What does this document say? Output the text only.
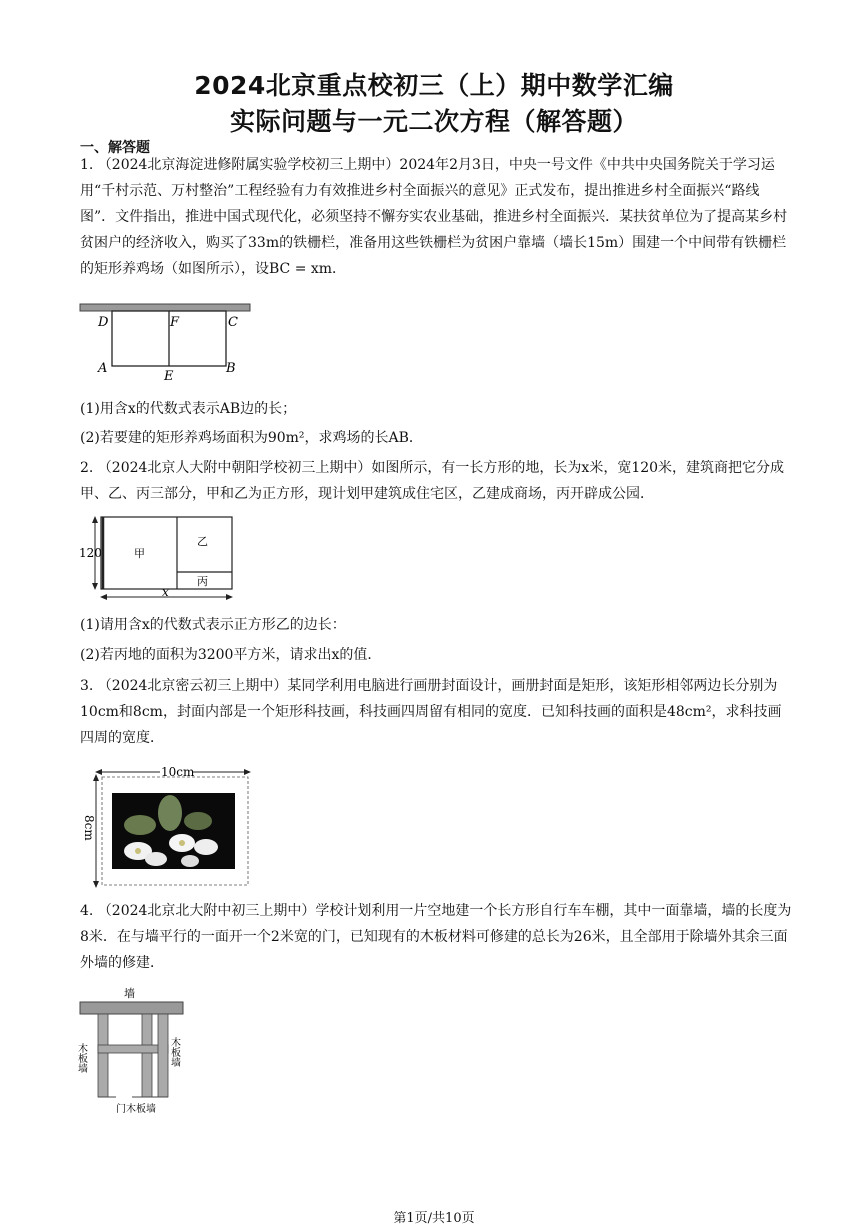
2024北京重点校初三（上）期中数学汇编
实际问题与一元二次方程（解答题）
一、解答题
1. （2024北京海淀进修附属实验学校初三上期中）2024年2月3日，中央一号文件《中共中央国务院关于学习运用“千村示范、万村整治”工程经验有力有效推进乡村全面振兴的意见》正式发布，提出推进乡村全面振兴“路线图”．文件指出，推进中国式现代化，必须坚持不懈夯实农业基础，推进乡村全面振兴．某扶贫单位为了提高某乡村贫困户的经济收入，购买了33m的铁栅栏，准备用这些铁栅栏为贫困户靠墙（墙长15m）围建一个中间带有铁栅栏的矩形养鸡场（如图所示），设BC = xm．
D	F	C
A
E
B
(1)用含x的代数式表示AB边的长；
(2)若要建的矩形养鸡场面积为90m²，求鸡场的长AB．
2. （2024北京人大附中朝阳学校初三上期中）如图所示，有一长方形的地，长为x米，宽120米，建筑商把它分成甲、乙、丙三部分，甲和乙为正方形，现计划甲建筑成住宅区，乙建成商场，丙开辟成公园．
120	甲
乙
丙
x
(1)请用含x的代数式表示正方形乙的边长：
(2)若丙地的面积为3200平方米，请求出x的值．
3. （2024北京密云初三上期中）某同学利用电脑进行画册封面设计，画册封面是矩形，该矩形相邻两边长分别为10cm和8cm，封面内部是一个矩形科技画，科技画四周留有相同的宽度．已知科技画的面积是48cm²，求科技画四周的宽度．
10cm
8cm
4. （2024北京北大附中初三上期中）学校计划利用一片空地建一个长方形自行车车棚，其中一面靠墙，墙的长度为8米．在与墙平行的一面开一个2米宽的门，已知现有的木板材料可修建的总长为26米，且全部用于除墙外其余三面外墙的修建．
墙
木板墙	木板墙
门木板墙
第1页/共10页
